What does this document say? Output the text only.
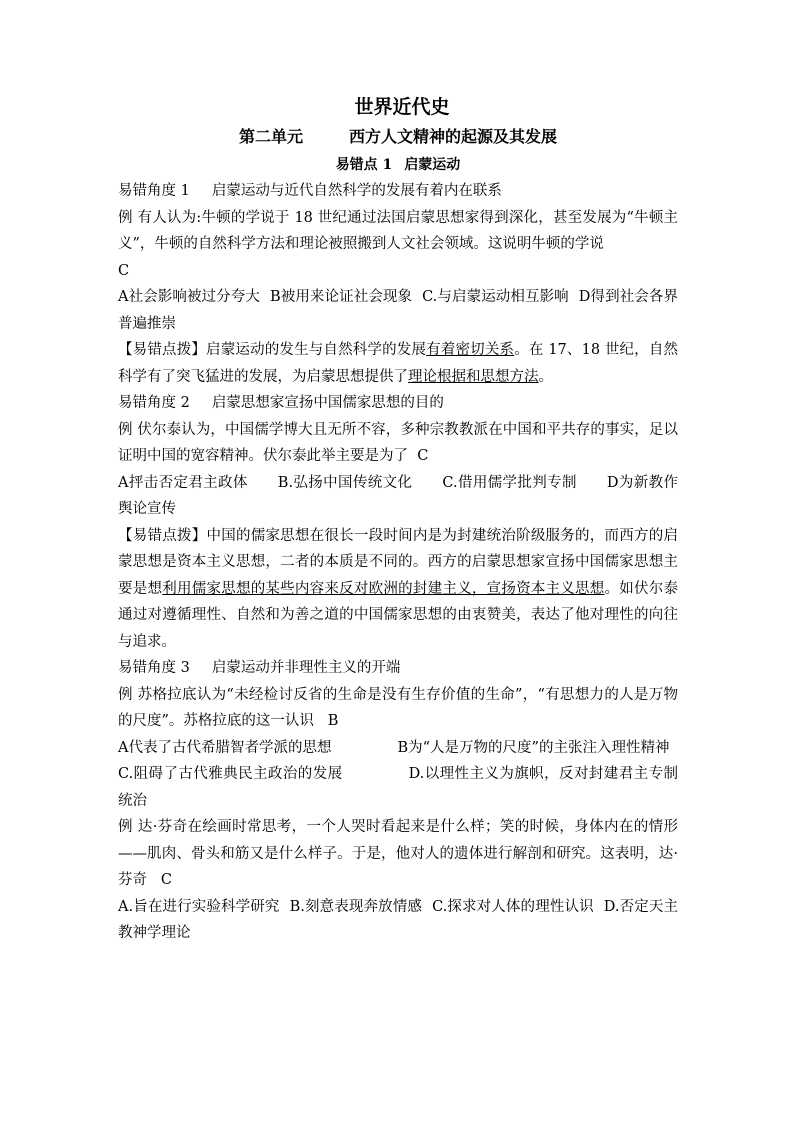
世界近代史

第二单元	西方人文精神的起源及其发展

易错点 1 启蒙运动

易错角度 1 启蒙运动与近代自然科学的发展有着内在联系

例 有人认为:牛顿的学说于 18 世纪通过法国启蒙思想家得到深化，甚至发展为“牛顿主义”，牛顿的自然科学方法和理论被照搬到人文社会领域。这说明牛顿的学说
C

A社会影响被过分夸大 B被用来论证社会现象 C.与启蒙运动相互影响 D得到社会各界普遍推崇

【易错点拨】启蒙运动的发生与自然科学的发展有着密切关系。在 17、18 世纪，自然科学有了突飞猛进的发展，为启蒙思想提供了理论根据和思想方法。

易错角度 2 启蒙思想家宣扬中国儒家思想的目的

例 伏尔泰认为，中国儒学博大且无所不容，多种宗教教派在中国和平共存的事实，足以证明中国的宽容精神。伏尔泰此举主要是为了 C

A抨击否定君主政体 B.弘扬中国传统文化 C.借用儒学批判专制 D为新教作舆论宣传

【易错点拨】中国的儒家思想在很长一段时间内是为封建统治阶级服务的，而西方的启蒙思想是资本主义思想，二者的本质是不同的。西方的启蒙思想家宣扬中国儒家思想主要是想利用儒家思想的某些内容来反对欧洲的封建主义，宣扬资本主义思想。如伏尔泰通过对遵循理性、自然和为善之道的中国儒家思想的由衷赞美，表达了他对理性的向往与追求。

易错角度 3 启蒙运动并非理性主义的开端

例 苏格拉底认为“未经检讨反省的生命是没有生存价值的生命”，“有思想力的人是万物的尺度”。苏格拉底的这一认识 B

A代表了古代希腊智者学派的思想	B为“人是万物的尺度”的主张注入理性精神
C.阻碍了古代雅典民主政治的发展	D.以理性主义为旗帜，反对封建君主专制统治

例 达·芬奇在绘画时常思考，一个人哭时看起来是什么样；笑的时候，身体内在的情形——肌肉、骨头和筋又是什么样子。于是，他对人的遗体进行解剖和研究。这表明，达·芬奇 C

A.旨在进行实验科学研究 B.刻意表现奔放情感 C.探求对人体的理性认识 D.否定天主教神学理论
